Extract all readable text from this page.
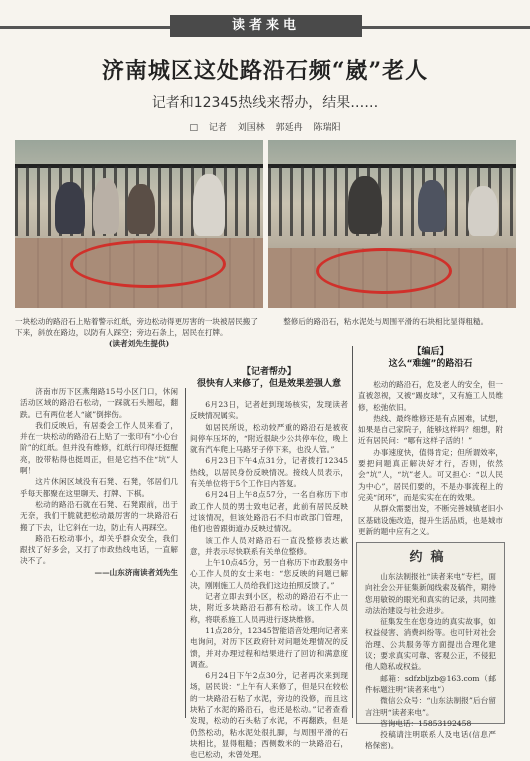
读者来电
济南城区这处路沿石频“崴”老人
记者和12345热线来帮办，结果……
□ 记者 刘国林 郭延冉 陈瑞阳
一块松动的路沿石上贴着警示红纸，旁边松动得更厉害的一块被居民搬了下来，斜放在路边，以防有人踩空；旁边石条上，居民在打牌。
(读者刘先生提供)
整修后的路沿石，粘水泥处与周围平滑的石块相比显得粗糙。

济南市历下区燕翔路15号小区门口，休闲活动区域的路沿石松动，一踩就石头翘起，翻跌。已有两位老人“崴”倒摔伤。

我们反映后，有居委会工作人员来看了，并在一块松动的路沿石上贴了一张印有“小心台阶”的红纸。但并没有维修，红纸行印得还挺醒亮，胶带粘得也挺周正，但是它挡不住“坑”人啊！

这片休闲区域没有石凳、石凳，邻居们几乎每天都聚在这里聊天、打牌、下棋。

松动的路沿石就在石凳、石凳跟前，出于无奈，我们干脆就把松动最厉害的一块路沿石搬了下去，让它斜在一边，防止有人再踩空。

路沿石松动事小，却关乎群众安全，我们跟找了好多会，又打了市政热线电话，一直解决不了。

——山东济南读者刘先生
【记者帮办】
很快有人来修了，但是效果差强人意

6月23日，记者赶到现场核实，发现读者反映情况属实。

如居民所说，松动较严重的路沿石是被夜间停车压坏的，“附近很缺少公共停车位，晚上就有汽车爬上马路牙子停下来，也没人管。”

6月23日下午4点31分，记者拨打12345热线，以居民身份反映情况。接线人员表示，有关单位将于5个工作日内答复。

6月24日上午8点57分，一名自称历下市政工作人员的男士致电记者，此前有居民反映过该情况，但该处路沿石不归市政部门管理，他们也曾跟街道办反映过情况。

该工作人员对路沿石一直没整修表达歉意，并表示尽快联系有关单位整修。

上午10点45分，另一自称历下市政服务中心工作人员的女士来电：“您反映的问题已解决，刚刚施工人员给我们这边拍照反馈了。”

记者立即去到小区，松动的路沿石不止一块，附近多块路沿石都有松动。该工作人员称，将联系施工人员再进行逐块维修。

11点28分，12345智能语音处理向记者来电询问，对历下区政府针对问题处理情况的反馈，并对办理过程和结果进行了回访和满意度调查。

6月24日下午2点30分，记者再次来到现场，居民说：“上午有人来修了，但是只在较松的一块路沿石粘了水泥，旁边的没修，而且这块粘了水泥的路沿石，也还是松动。”记者查看发现，松动的石头粘了水泥，不再翻跌，但是仍然松动，粘水泥处很扎脚，与周围平滑的石块相比，显得粗糙；西侧数米的一块路沿石，也已松动，未曾处理。

【编后】
这么“难缠”的路沿石

松动的路沿石，危及老人的安全，但一直被忽视，又被“踢皮球”，又有施工人员维修，松弛依旧。

热线、最终维修还是有点困难，试想，如果是自己家院子，能够这样吗？细想，附近有居民问：“哪有这样子活的！”

办事速度快，值得肯定；但所谓效率，要把问题真正解决好才行，否则，依然会“坑”人，“坑”老人。可又担心：“以人民为中心”，居民们要的，不是办事流程上的完美“闭环”，而是实实在在的效果。

从群众需要出发，不断完善城镇老旧小区基础设施改造，提升生活品质，也是城市更新的题中应有之义。

约稿

山东法制报社“读者来电”专栏，面向社会公开征集新闻线索及稿件，期待您用敏锐的眼光和真实的记录，共同推动法治建设与社会进步。

征集发生在您身边的真实故事，如权益侵害、消费纠纷等。也可针对社会治理、公共服务等方面提出合理化建议；要求真实可靠、客观公正，不侵犯他人隐私或权益。

邮箱：sdfzbljzb@163.com（邮件标题注明“读者来电”）

微信公众号：“山东法制报”后台留言注明“读者来电”。

咨询电话：15853192458

投稿请注明联系人及电话(信息严格保密)。
